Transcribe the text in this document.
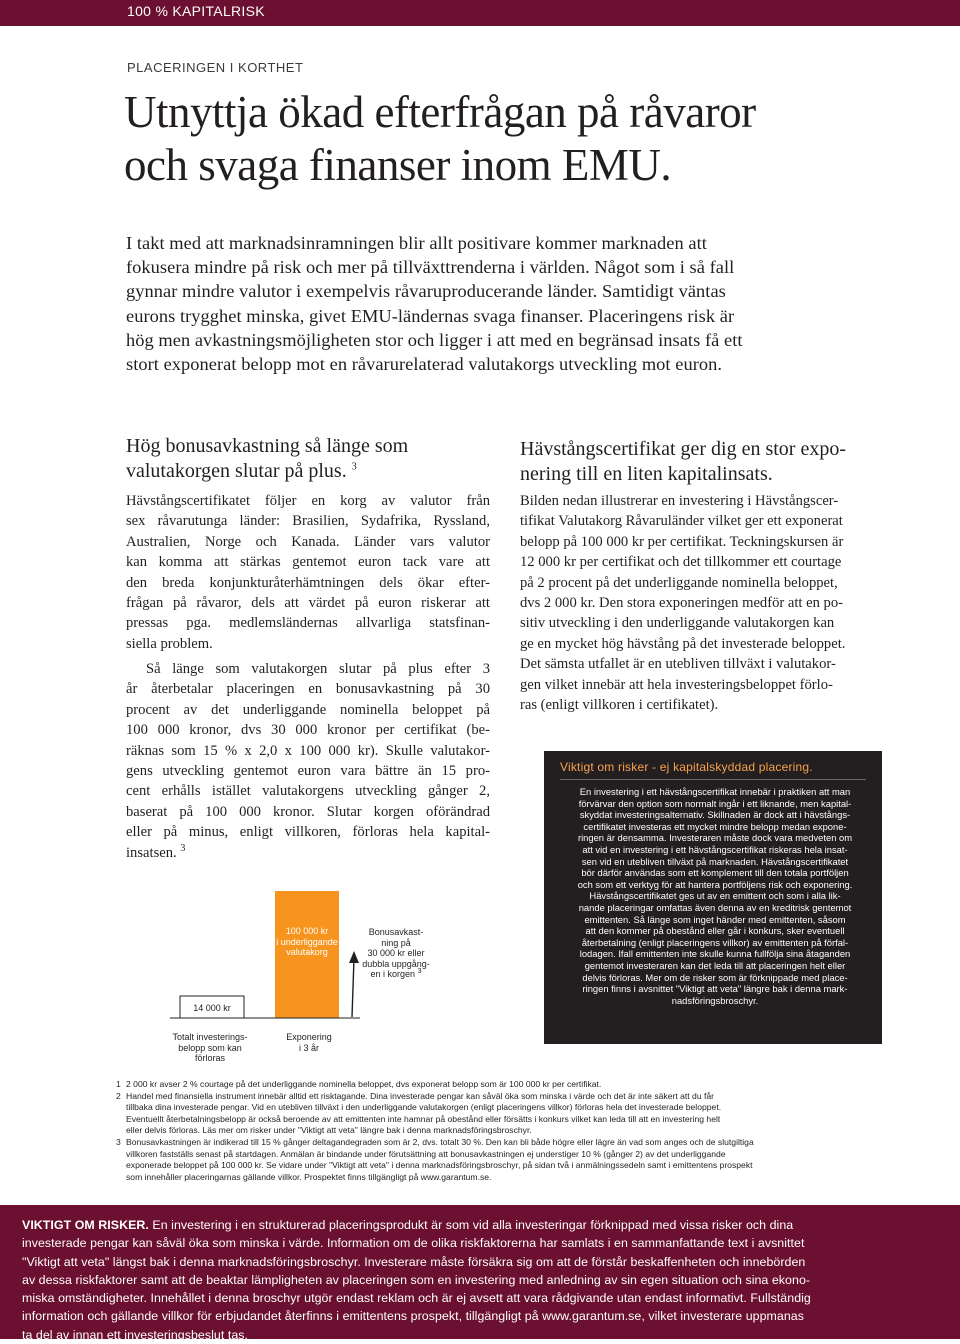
100 % KAPITALRISK
PLACERINGEN I KORTHET
Utnyttja ökad efterfrågan på råvaror
och svaga finanser inom EMU.
I takt med att marknadsinramningen blir allt positivare kommer marknaden att
fokusera mindre på risk och mer på tillväxttrenderna i världen. Något som i så fall
gynnar mindre valutor i exempelvis råvaruproducerande länder. Samtidigt väntas
eurons trygghet minska, givet EMU-ländernas svaga finanser. Placeringens risk är
hög men avkastningsmöjligheten stor och ligger i att med en begränsad insats få ett
stort exponerat belopp mot en råvarurelaterad valutakorgs utveckling mot euron.
Hög bonusavkastning så länge som
valutakorgen slutar på plus. $^3$
Hävstångscertifikatet följer en korg av valutor från
sex råvarutunga länder: Brasilien, Sydafrika, Ryssland,
Australien, Norge och Kanada. Länder vars valutor
kan komma att stärkas gentemot euron tack vare att
den breda konjunkturåterhämtningen dels ökar efter-
frågan på råvaror, dels att värdet på euron riskerar att
pressas pga. medlemsländernas allvarliga statsfinan-
siella problem.
Så länge som valutakorgen slutar på plus efter 3
år återbetalar placeringen en bonusavkastning på 30
procent av det underliggande nominella beloppet på
100 000 kronor, dvs 30 000 kronor per certifikat (be-
räknas som 15 % x 2,0 x 100 000 kr). Skulle valutakor-
gens utveckling gentemot euron vara bättre än 15 pro-
cent erhålls istället valutakorgens utveckling gånger 2,
baserat på 100 000 kronor. Slutar korgen oförändrad
eller på minus, enligt villkoren, förloras hela kapital-
insatsen. $^3$
Hävstångscertifikat ger dig en stor expo-
nering till en liten kapitalinsats.
Bilden nedan illustrerar en investering i Hävstångscer-
tifikat Valutakorg Råvaruländer vilket ger ett exponerat
belopp på 100 000 kr per certifikat. Teckningskursen är
12 000 kr per certifikat och det tillkommer ett courtage
på 2 procent på det underliggande nominella beloppet,
dvs 2 000 kr. Den stora exponeringen medför att en po-
sitiv utveckling i den underliggande valutakorgen kan
ge en mycket hög hävstång på det investerade beloppet.
Det sämsta utfallet är en utebliven tillväxt i valutakor-
gen vilket innebär att hela investeringsbeloppet förlo-
ras (enligt villkoren i certifikatet).
Viktigt om risker - ej kapitalskyddad placering.
En investering i ett hävstångscertifikat innebär i praktiken att man
förvärvar den option som normalt ingår i ett liknande, men kapital-
skyddat investeringsalternativ. Skillnaden är dock att i hävstångs-
certifikatet investeras ett mycket mindre belopp medan expone-
ringen är densamma. Investeraren måste dock vara medveten om
att vid en investering i ett hävstångscertifikat riskeras hela insat-
sen vid en utebliven tillväxt på marknaden. Hävstångscertifikatet
bör därför användas som ett komplement till den totala portföljen
och som ett verktyg för att hantera portföljens risk och exponering.
Hävstångscertifikatet ges ut av en emittent och som i alla lik-
nande placeringar omfattas även denna av en kreditrisk gentemot
emittenten. Så länge som inget händer med emittenten, såsom
att den kommer på obestånd eller går i konkurs, sker eventuell
återbetalning (enligt placeringens villkor) av emittenten på förfal-
lodagen. Ifall emittenten inte skulle kunna fullfölja sina åtaganden
gentemot investeraren kan det leda till att placeringen helt eller
delvis förloras. Mer om de risker som är förknippade med place-
ringen finns i avsnittet "Viktigt att veta" längre bak i denna mark-
nadsföringsbroschyr.
14 000 kr
100 000 kr
i underliggande
valutakorg
Bonusavkast-
ning på
30 000 kr eller
dubbla uppgång-
en i korgen $^3$
Totalt investerings-
belopp som kan
förloras
Exponering
i 3 år
1 2 000 kr avser 2 % courtage på det underliggande nominella beloppet, dvs exponerat belopp som är 100 000 kr per certifikat.
2 Handel med finansiella instrument innebär alltid ett risktagande. Dina investerade pengar kan såväl öka som minska i värde och det är inte säkert att du får
tillbaka dina investerade pengar. Vid en utebliven tillväxt i den underliggande valutakorgen (enligt placeringens villkor) förloras hela det investerade beloppet.
Eventuellt återbetalningsbelopp är också beroende av att emittenten inte hamnar på obestånd eller försätts i konkurs vilket kan leda till att en investering helt
eller delvis förloras. Läs mer om risker under "Viktigt att veta" längre bak i denna marknadsföringsbroschyr.
3 Bonusavkastningen är indikerad till 15 % gånger deltagandegraden som är 2, dvs. totalt 30 %. Den kan bli både högre eller lägre än vad som anges och de slutgiltiga
villkoren fastställs senast på startdagen. Anmälan är bindande under förutsättning att bonusavkastningen ej understiger 10 % (gånger 2) av det underliggande
exponerade beloppet på 100 000 kr. Se vidare under "Viktigt att veta" i denna marknadsföringsbroschyr, på sidan två i anmälningssedeln samt i emittentens prospekt
som innehåller placeringarnas gällande villkor. Prospektet finns tillgängligt på www.garantum.se.
VIKTIGT OM RISKER. En investering i en strukturerad placeringsprodukt är som vid alla investeringar förknippad med vissa risker och dina
investerade pengar kan såväl öka som minska i värde. Information om de olika riskfaktorerna har samlats i en sammanfattande text i avsnittet
"Viktigt att veta" längst bak i denna marknadsföringsbroschyr. Investerare måste försäkra sig om att de förstår beskaffenheten och innebörden
av dessa riskfaktorer samt att de beaktar lämpligheten av placeringen som en investering med anledning av sin egen situation och sina ekono-
miska omständigheter. Innehållet i denna broschyr utgör endast reklam och är ej avsett att vara rådgivande utan endast informativt. Fullständig
information och gällande villkor för erbjudandet återfinns i emittentens prospekt, tillgängligt på www.garantum.se, vilket investerare uppmanas
ta del av innan ett investeringsbeslut tas.
